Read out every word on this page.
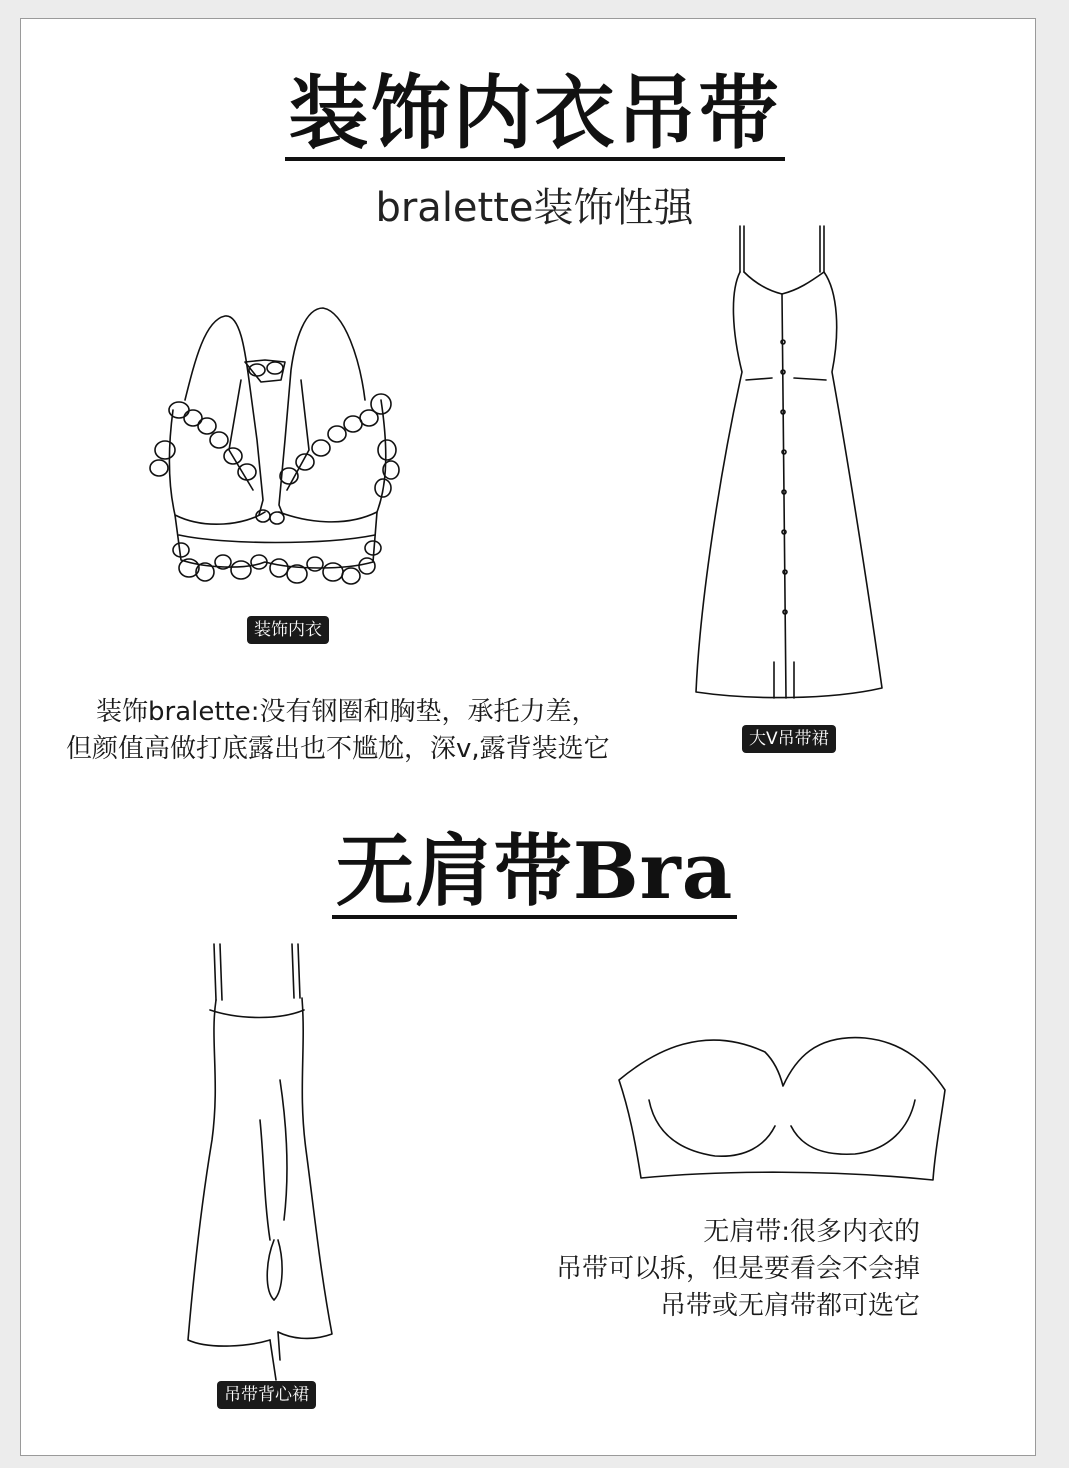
装饰内衣吊带

bralette装饰性强

装饰内衣
大V吊带裙
装饰bralette:没有钢圈和胸垫，承托力差，
但颜值高做打底露出也不尴尬，深v,露背装选它
无肩带Bra
吊带背心裙
无肩带:很多内衣的
吊带可以拆，但是要看会不会掉
吊带或无肩带都可选它
